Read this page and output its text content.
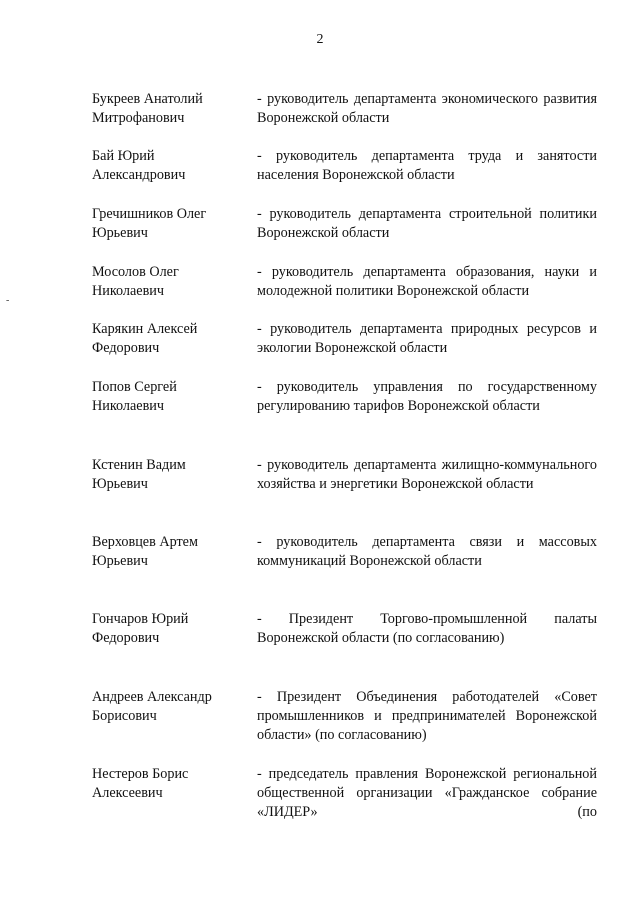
2
-
Букреев Анатолий
Митрофанович
- руководитель департамента экономического развития Воронежской области
Бай Юрий
Александрович
- руководитель департамента труда и занятости населения Воронежской области
Гречишников Олег
Юрьевич
- руководитель департамента строительной политики Воронежской области
Мосолов Олег
Николаевич
- руководитель департамента образования, науки и молодежной политики Воронежской области
Карякин Алексей
Федорович
- руководитель департамента природных ресурсов и экологии Воронежской области
Попов Сергей
Николаевич
- руководитель управления по государственному регулированию тарифов Воронежской области
Кстенин Вадим
Юрьевич
- руководитель департамента жилищно-коммунального хозяйства и энергетики Воронежской области
Верховцев Артем
Юрьевич
- руководитель департамента связи и массовых коммуникаций Воронежской области
Гончаров Юрий
Федорович
- Президент Торгово-промышленной палаты Воронежской области (по согласованию)
Андреев Александр
Борисович
- Президент Объединения работодателей «Совет промышленников и предпринимателей Воронежской области» (по согласованию)
Нестеров Борис
Алексеевич
- председатель правления Воронежской региональной общественной организации «Гражданское собрание «ЛИДЕР» (по
